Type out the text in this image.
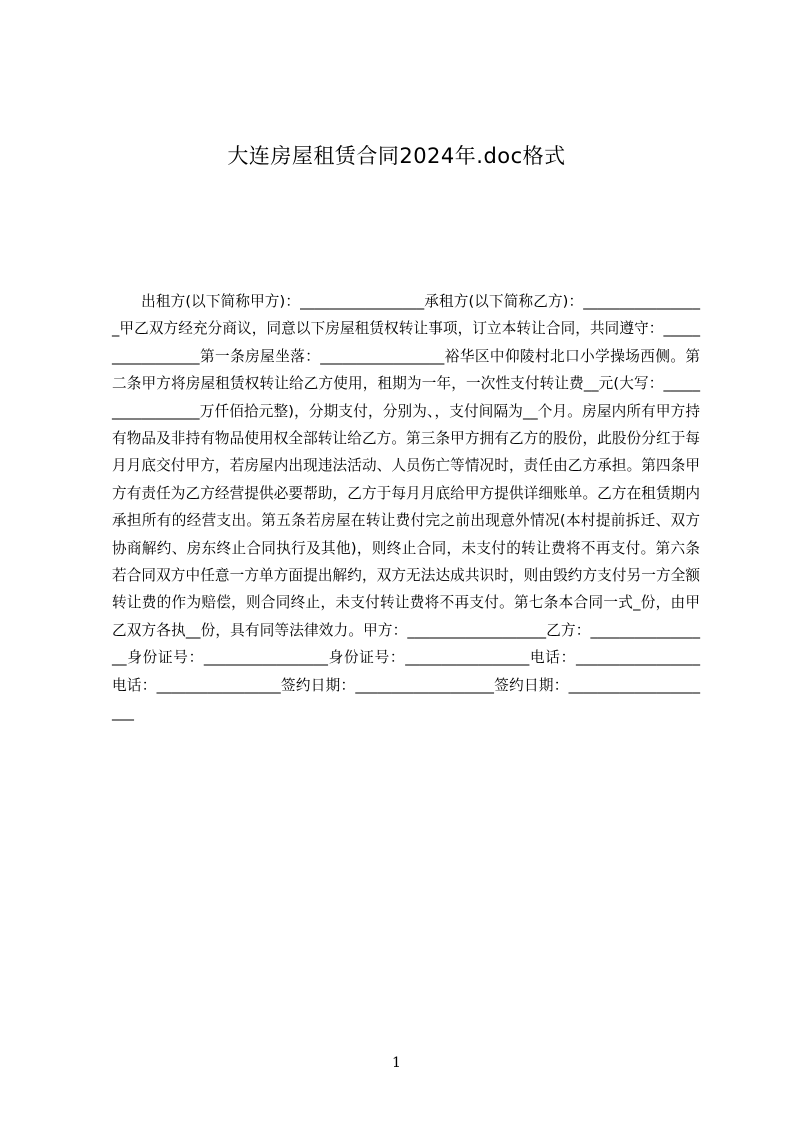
大连房屋租赁合同2024年.doc格式

出租方(以下简称甲方)：_________________承租方(以下简称乙方)：_________________甲乙双方经充分商议，同意以下房屋租赁权转让事项，订立本转让合同，共同遵守：_________________第一条房屋坐落：_________________裕华区中仰陵村北口小学操场西侧。第二条甲方将房屋租赁权转让给乙方使用，租期为一年，一次性支付转让费__元(大写：_________________万仟佰拾元整)，分期支付，分别为、，支付间隔为__个月。房屋内所有甲方持有物品及非持有物品使用权全部转让给乙方。第三条甲方拥有乙方的股份，此股份分红于每月月底交付甲方，若房屋内出现违法活动、人员伤亡等情况时，责任由乙方承担。第四条甲方有责任为乙方经营提供必要帮助，乙方于每月月底给甲方提供详细账单。乙方在租赁期内承担所有的经营支出。第五条若房屋在转让费付完之前出现意外情况(本村提前拆迁、双方协商解约、房东终止合同执行及其他)，则终止合同，未支付的转让费将不再支付。第六条若合同双方中任意一方单方面提出解约，双方无法达成共识时，则由毁约方支付另一方全额转让费的作为赔偿，则合同终止，未支付转让费将不再支付。第七条本合同一式_份，由甲乙双方各执__份，具有同等法律效力。甲方：___________________乙方：_________________身份证号：_________________身份证号：_________________电话：_________________电话：_________________签约日期：___________________签约日期：_____________________

1
